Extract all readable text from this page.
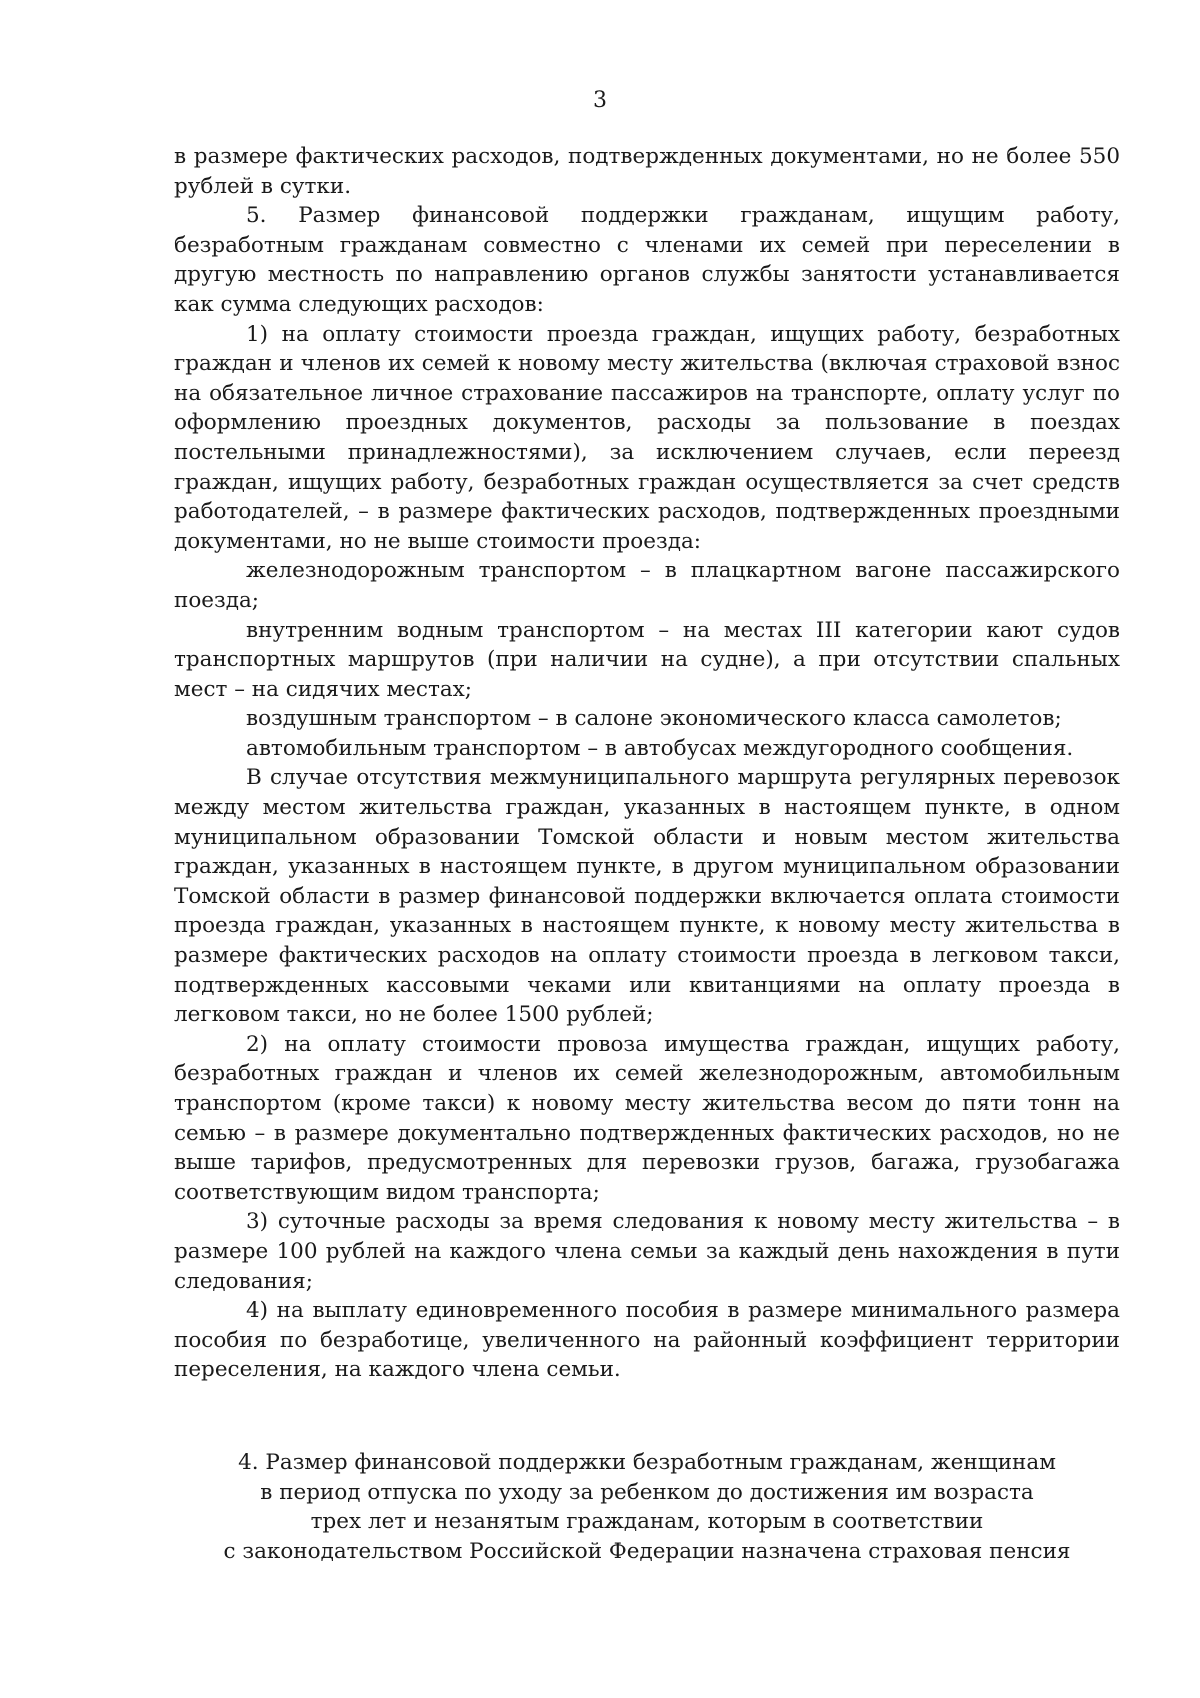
3

в размере фактических расходов, подтвержденных документами, но не более 550 рублей в сутки.

5. Размер финансовой поддержки гражданам, ищущим работу, безработным гражданам совместно с членами их семей при переселении в другую местность по направлению органов службы занятости устанавливается как сумма следующих расходов:

1) на оплату стоимости проезда граждан, ищущих работу, безработных граждан и членов их семей к новому месту жительства (включая страховой взнос на обязательное личное страхование пассажиров на транспорте, оплату услуг по оформлению проездных документов, расходы за пользование в поездах постельными принадлежностями), за исключением случаев, если переезд граждан, ищущих работу, безработных граждан осуществляется за счет средств работодателей, – в размере фактических расходов, подтвержденных проездными документами, но не выше стоимости проезда:

железнодорожным транспортом – в плацкартном вагоне пассажирского поезда;

внутренним водным транспортом – на местах III категории кают судов транспортных маршрутов (при наличии на судне), а при отсутствии спальных мест – на сидячих местах;

воздушным транспортом – в салоне экономического класса самолетов;

автомобильным транспортом – в автобусах междугородного сообщения.

В случае отсутствия межмуниципального маршрута регулярных перевозок между местом жительства граждан, указанных в настоящем пункте, в одном муниципальном образовании Томской области и новым местом жительства граждан, указанных в настоящем пункте, в другом муниципальном образовании Томской области в размер финансовой поддержки включается оплата стоимости проезда граждан, указанных в настоящем пункте, к новому месту жительства в размере фактических расходов на оплату стоимости проезда в легковом такси, подтвержденных кассовыми чеками или квитанциями на оплату проезда в легковом такси, но не более 1500 рублей;

2) на оплату стоимости провоза имущества граждан, ищущих работу, безработных граждан и членов их семей железнодорожным, автомобильным транспортом (кроме такси) к новому месту жительства весом до пяти тонн на семью – в размере документально подтвержденных фактических расходов, но не выше тарифов, предусмотренных для перевозки грузов, багажа, грузобагажа соответствующим видом транспорта;

3) суточные расходы за время следования к новому месту жительства – в размере 100 рублей на каждого члена семьи за каждый день нахождения в пути следования;

4) на выплату единовременного пособия в размере минимального размера пособия по безработице, увеличенного на районный коэффициент территории переселения, на каждого члена семьи.

4. Размер финансовой поддержки безработным гражданам, женщинам

в период отпуска по уходу за ребенком до достижения им возраста

трех лет и незанятым гражданам, которым в соответствии

с законодательством Российской Федерации назначена страховая пенсия
